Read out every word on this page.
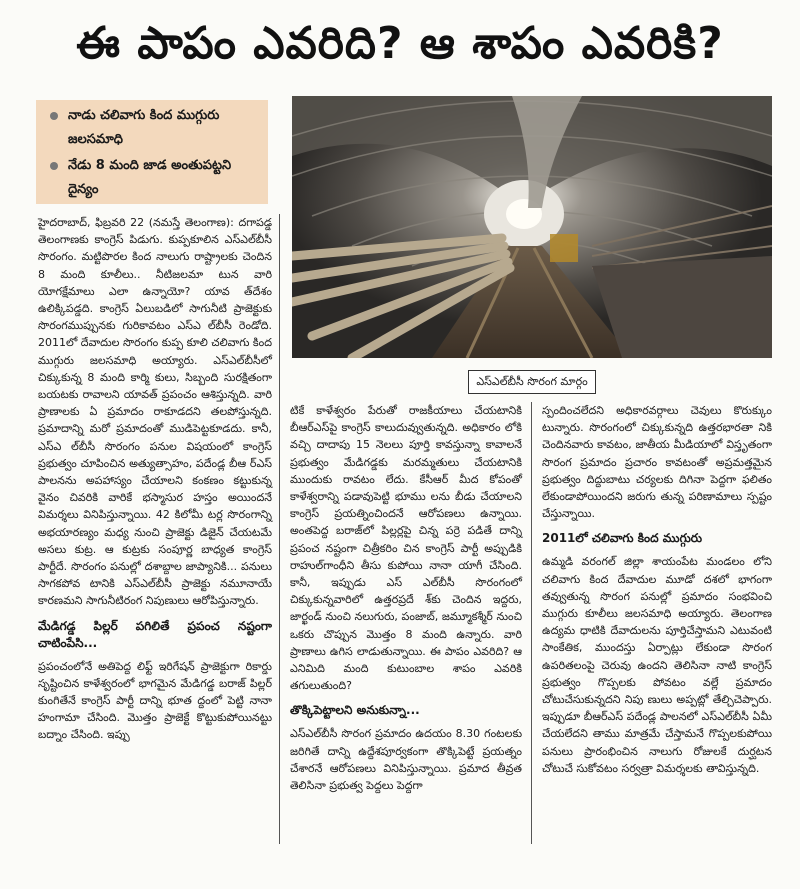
ఈ పాపం ఎవరిది? ఆ శాపం ఎవరికి?
నాడు చలివాగు కింద ముగ్గురు జలసమాధి
నేడు 8 మంది జాడ అంతుపట్టని దైన్యం
ఎస్‌ఎల్‌బీసీ సొరంగ మార్గం

హైదరాబాద్, ఫిబ్రవరి 22 (నమస్తే తెలంగాణ): దగాపడ్డ తెలంగాణకు కాంగ్రెస్ పిడుగు. కుప్పకూలిన ఎస్‌ఎల్‌బీసీ సొరంగం. మట్టిపొరల కింద నాలుగు రాష్ట్రాలకు చెందిన 8 మంది కూలీలు.. నీటిజలమా టున వారి యోగక్షేమాలు ఎలా ఉన్నాయో? యావ త్‌దేశం ఉలిక్కిపడ్డది. కాంగ్రెస్ ఏలుబడిలో సాగునీటి ప్రాజెక్టుకు సొరంగముప్పునకు గురికావటం ఎస్‌ఎ ల్‌బీసీ రెండోది. 2011లో దేవాదుల సొరంగం కుప్ప కూలి చలివాగు కింద ముగ్గురు జలసమాధి అయ్యారు. ఎస్‌ఎల్‌బీసీలో చిక్కుకున్న 8 మంది కార్మి కులు, సిబ్బంది సురక్షితంగా బయటకు రావాలని యావత్ ప్రపంచం ఆశిస్తున్నది. వారి ప్రాణాలకు ఏ ప్రమాదం రాకూడదని తలపోస్తున్నది. ప్రమాదాన్ని మరో ప్రమాదంతో ముడిపెట్టకూడదు. కానీ, ఎస్‌ఎ ల్‌బీసీ సొరంగం పనుల విషయంలో కాంగ్రెస్ ప్రభుత్వం చూపించిన అత్యుత్సాహం, పదేండ్ల బీఆ ర్‌ఎస్ పాలనను అపహాస్యం చేయాలని కంకణం కట్టుకున్న వైనం చివరికి వారికే భస్మాసుర హస్తం అయిందనే విమర్శలు వినిపిస్తున్నాయి. 42 కిలోమీ టర్ల సొరంగాన్ని అభయారణ్యం మధ్య నుంచి ప్రాజెక్టు డిజైన్ చేయటమే అసలు కుట్ర. ఆ కుట్రకు సంపూర్ణ బాధ్యత కాంగ్రెస్ పార్టీదే. సొరంగం పనుల్లో దశాబ్దాల జాప్యానికి... పనులు సాగకపోవ టానికి ఎస్‌ఎల్‌బీసీ ప్రాజెక్టు నమూనాయే కారణమని సాగునీటిరంగ నిపుణులు ఆరోపిస్తున్నారు.

మేడిగడ్డ పిల్లర్ పగిలితే ప్రపంచ నష్టంగా చాటింపేసి...

ప్రపంచంలోనే అతిపెద్ద లిఫ్ట్ ఇరిగేషన్ ప్రాజెక్టుగా రికార్డు సృష్టించిన కాళేశ్వరంలో భాగమైన మేడిగడ్డ బరాజ్ పిల్లర్ కుంగితేనే కాంగ్రెస్ పార్టీ దాన్ని భూత ద్దంలో పెట్టి నానా హంగామా చేసింది. మొత్తం ప్రాజెక్టే కొట్టుకుపోయినట్టు బద్నాం చేసింది. ఇప్పు

టికే కాళేశ్వరం పేరుతో రాజకీయాలు చేయటానికి బీఆర్‌ఎస్‌పై కాంగ్రెస్ కాలుదువ్వుతున్నది. అధికారం లోకి వచ్చి దాదాపు 15 నెలలు పూర్తి కావస్తున్నా కావాలనే ప్రభుత్వం మేడిగడ్డకు మరమ్మతులు చేయటానికి ముందుకు రావటం లేదు. కేసీఆర్ మీద కోపంతో కాళేశ్వరాన్ని పడావుపెట్టి భూము లను బీడు చేయాలని కాంగ్రెస్ ప్రయత్నించిందనే ఆరోపణలు ఉన్నాయి. అంతపెద్ద బరాజ్‌లో పిల్లర్లపై చిన్న పర్రె పడితే దాన్ని ప్రపంచ నష్టంగా చిత్రీకరిం చిన కాంగ్రెస్ పార్టీ అప్పుడికి రాహుల్‌గాంధీని తీసు కుపోయి నానా యాగీ చేసింది. కానీ, ఇప్పుడు ఎస్ ఎల్‌బీసీ సొరంగంలో చిక్కుకున్నవారిలో ఉత్తరప్రదే శ్‌కు చెందిన ఇద్దరు, జార్ఖండ్ నుంచి నలుగురు, పంజాబ్, జమ్మూకశ్మీర్ నుంచి ఒకరు చొప్పున మొత్తం 8 మంది ఉన్నారు. వారి ప్రాణాలు ఉగిస లాడుతున్నాయి. ఈ పాపం ఎవరిది? ఆ ఎనిమిది మంది కుటుంబాల శాపం ఎవరికి తగులుతుంది?

తొక్కిపెట్టాలని అనుకున్నా...

ఎస్‌ఎల్‌బీసీ సొరంగ ప్రమాదం ఉదయం 8.30 గంటలకు జరిగితే దాన్ని ఉద్దేశపూర్వకంగా తొక్కిపెట్టే ప్రయత్నం చేశారనే ఆరోపణలు వినిపిస్తున్నాయి. ప్రమాద తీవ్రత తెలిసినా ప్రభుత్వ పెద్దలు పెద్దగా

స్పందించలేదని అధికారవర్గాలు చెవులు కొరుక్కుం టున్నారు. సొరంగంలో చిక్కుకున్నది ఉత్తరభారతా నికి చెందినవారు కావటం, జాతీయ మీడియాలో విస్తృతంగా సొరంగ ప్రమాదం ప్రచారం కావటంతో అప్రమత్తమైన ప్రభుత్వం దిద్దుబాటు చర్యలకు దిగినా పెద్దగా ఫలితం లేకుండాపోయిందని జరుగు తున్న పరిణామాలు స్పష్టం చేస్తున్నాయి.

2011లో చలివాగు కింద ముగ్గురు

ఉమ్మడి వరంగల్ జిల్లా శాయంపేట మండలం లోని చలివాగు కింద దేవాదుల మూడో దశలో భాగంగా తవ్వుతున్న సొరంగ పనుల్లో ప్రమాదం సంభవించి ముగ్గురు కూలీలు జలసమాధి అయ్యారు. తెలంగాణ ఉద్యమ ధాటికి దేవాదులను పూర్తిచేస్తామని ఎటువంటి సాంకేతిక, ముందస్తు ఏర్పాట్లు లేకుండా సొరంగ ఉపరితలంపై చెరువు ఉందని తెలిసినా నాటి కాంగ్రెస్ ప్రభుత్వం గొప్పలకు పోవటం వల్లే ప్రమాదం చోటుచేసుకున్నదని నిపు ణులు అప్పట్లో తేల్చిచెప్పారు. ఇప్పుడూ బీఆర్‌ఎస్ పదేండ్ల పాలనలో ఎస్‌ఎల్‌బీసీ ఏమీ చేయలేదని తాము మాత్రమే చేస్తామనే గొప్పలకుపోయి పనులు ప్రారంభించిన నాలుగు రోజులకే దుర్ఘటన చోటుచే సుకోవటం సర్వత్రా విమర్శలకు తావిస్తున్నది.
